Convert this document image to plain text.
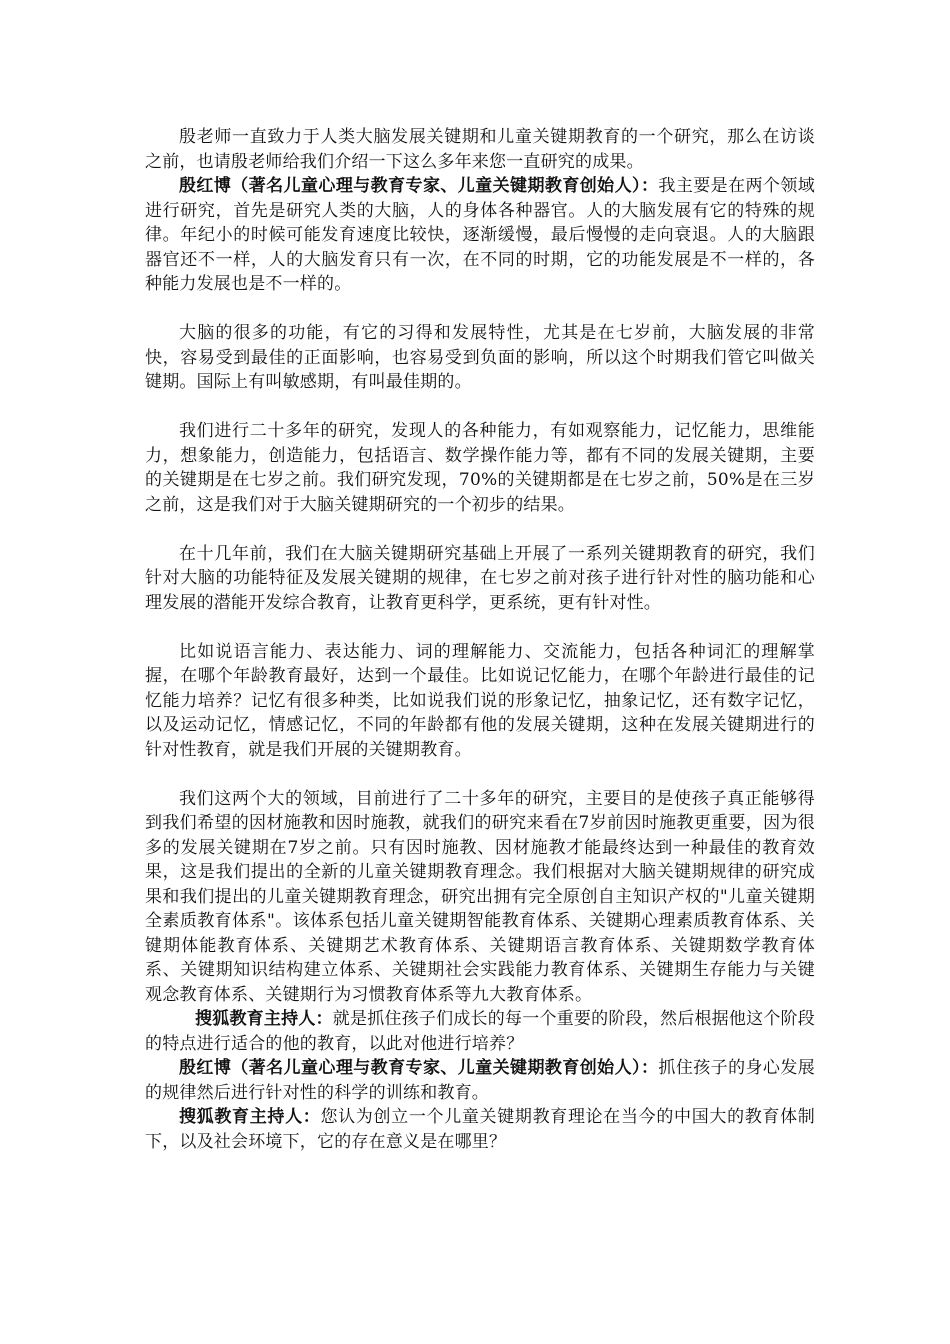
殷老师一直致力于人类大脑发展关键期和儿童关键期教育的一个研究，那么在访谈之前，也请殷老师给我们介绍一下这么多年来您一直研究的成果。

殷红博（著名儿童心理与教育专家、儿童关键期教育创始人）：我主要是在两个领域进行研究，首先是研究人类的大脑，人的身体各种器官。人的大脑发展有它的特殊的规律。年纪小的时候可能发育速度比较快，逐渐缓慢，最后慢慢的走向衰退。人的大脑跟器官还不一样，人的大脑发育只有一次，在不同的时期，它的功能发展是不一样的，各种能力发展也是不一样的。

大脑的很多的功能，有它的习得和发展特性，尤其是在七岁前，大脑发展的非常快，容易受到最佳的正面影响，也容易受到负面的影响，所以这个时期我们管它叫做关键期。国际上有叫敏感期，有叫最佳期的。

我们进行二十多年的研究，发现人的各种能力，有如观察能力，记忆能力，思维能力，想象能力，创造能力，包括语言、数学操作能力等，都有不同的发展关键期，主要的关键期是在七岁之前。我们研究发现，70%的关键期都是在七岁之前，50%是在三岁之前，这是我们对于大脑关键期研究的一个初步的结果。

在十几年前，我们在大脑关键期研究基础上开展了一系列关键期教育的研究，我们针对大脑的功能特征及发展关键期的规律，在七岁之前对孩子进行针对性的脑功能和心理发展的潜能开发综合教育，让教育更科学，更系统，更有针对性。

比如说语言能力、表达能力、词的理解能力、交流能力，包括各种词汇的理解掌握，在哪个年龄教育最好，达到一个最佳。比如说记忆能力，在哪个年龄进行最佳的记忆能力培养？记忆有很多种类，比如说我们说的形象记忆，抽象记忆，还有数字记忆，以及运动记忆，情感记忆，不同的年龄都有他的发展关键期，这种在发展关键期进行的针对性教育，就是我们开展的关键期教育。

我们这两个大的领域，目前进行了二十多年的研究，主要目的是使孩子真正能够得到我们希望的因材施教和因时施教，就我们的研究来看在7岁前因时施教更重要，因为很多的发展关键期在7岁之前。只有因时施教、因材施教才能最终达到一种最佳的教育效果，这是我们提出的全新的儿童关键期教育理念。我们根据对大脑关键期规律的研究成果和我们提出的儿童关键期教育理念，研究出拥有完全原创自主知识产权的"儿童关键期全素质教育体系"。该体系包括儿童关键期智能教育体系、关键期心理素质教育体系、关键期体能教育体系、关键期艺术教育体系、关键期语言教育体系、关键期数学教育体系、关键期知识结构建立体系、关键期社会实践能力教育体系、关键期生存能力与关键观念教育体系、关键期行为习惯教育体系等九大教育体系。

搜狐教育主持人：就是抓住孩子们成长的每一个重要的阶段，然后根据他这个阶段的特点进行适合的他的教育，以此对他进行培养？

殷红博（著名儿童心理与教育专家、儿童关键期教育创始人）：抓住孩子的身心发展的规律然后进行针对性的科学的训练和教育。

搜狐教育主持人：您认为创立一个儿童关键期教育理论在当今的中国大的教育体制下，以及社会环境下，它的存在意义是在哪里？
